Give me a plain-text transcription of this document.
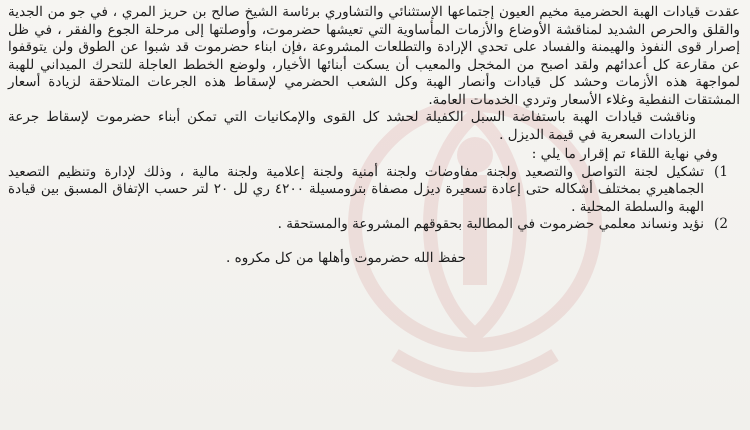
عقدت قيادات الهبة الحضرمية مخيم العيون إجتماعها الإستثنائي والتشاوري برئاسة الشيخ صالح بن حريز المري ، في جو من الجدية والقلق والحرص الشديد لمناقشة الأوضاع والأزمات المأساوية التي تعيشها حضرموت، وأوصلتها إلى مرحلة الجوع والفقر ، في ظل إصرار قوى النفوذ والهيمنة والفساد على تحدي الإرادة والتطلعات المشروعة ،فإن ابناء حضرموت قد شبوا عن الطوق ولن يتوقفوا عن مقارعة كل أعدائهم ولقد اصبح من المخجل والمعيب أن يسكت أبنائها الأخيار، ولوضع الخطط العاجلة للتحرك الميداني للهبة لمواجهة هذه الأزمات وحشد كل قيادات وأنصار الهبة وكل الشعب الحضرمي لإسقاط هذه الجرعات المتلاحقة لزيادة أسعار المشتقات النفطية وغلاء الأسعار وتردي الخدمات العامة.

وناقشت قيادات الهبة باستفاضة السبل الكفيلة لحشد كل القوى والإمكانيات التي تمكن أبناء حضرموت لإسقاط جرعة الزيادات السعرية في قيمة الديزل .

وفي نهاية اللقاء تم إقرار ما يلي :

1)
تشكيل لجنة التواصل والتصعيد ولجنة مفاوضات ولجنة أمنية ولجنة إعلامية ولجنة مالية ، وذلك لإدارة وتنظيم التصعيد الجماهيري بمختلف أشكاله حتى إعادة تسعيرة ديزل مصفاة بترومسيلة ٤٢٠٠ ري لل ٢٠ لتر حسب الإتفاق المسبق بين قيادة الهبة والسلطة المحلية .
2)
نؤيد ونساند معلمي حضرموت في المطالبة بحقوقهم المشروعة والمستحقة .

حفظ الله حضرموت وأهلها من كل مكروه .
